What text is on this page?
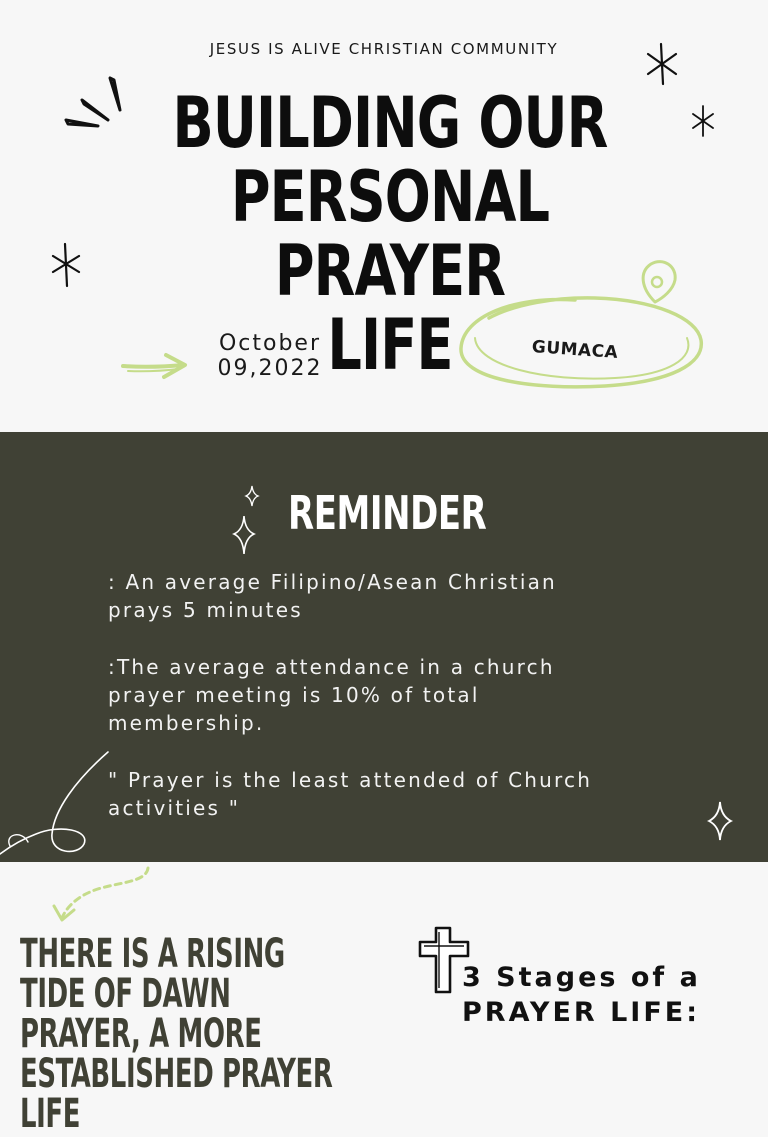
JESUS IS ALIVE CHRISTIAN COMMUNITY
BUILDING OUR
PERSONAL PRAYER
LIFE
October
09,2022
GUMACA
REMINDER
: An average Filipino/Asean Christian
prays 5 minutes
:The average attendance in a church
prayer meeting is 10% of total
membership.
" Prayer is the least attended of Church
activities "
THERE IS A RISING TIDE OF DAWN PRAYER, A MORE ESTABLISHED PRAYER LIFE
3 Stages of a
PRAYER LIFE:
